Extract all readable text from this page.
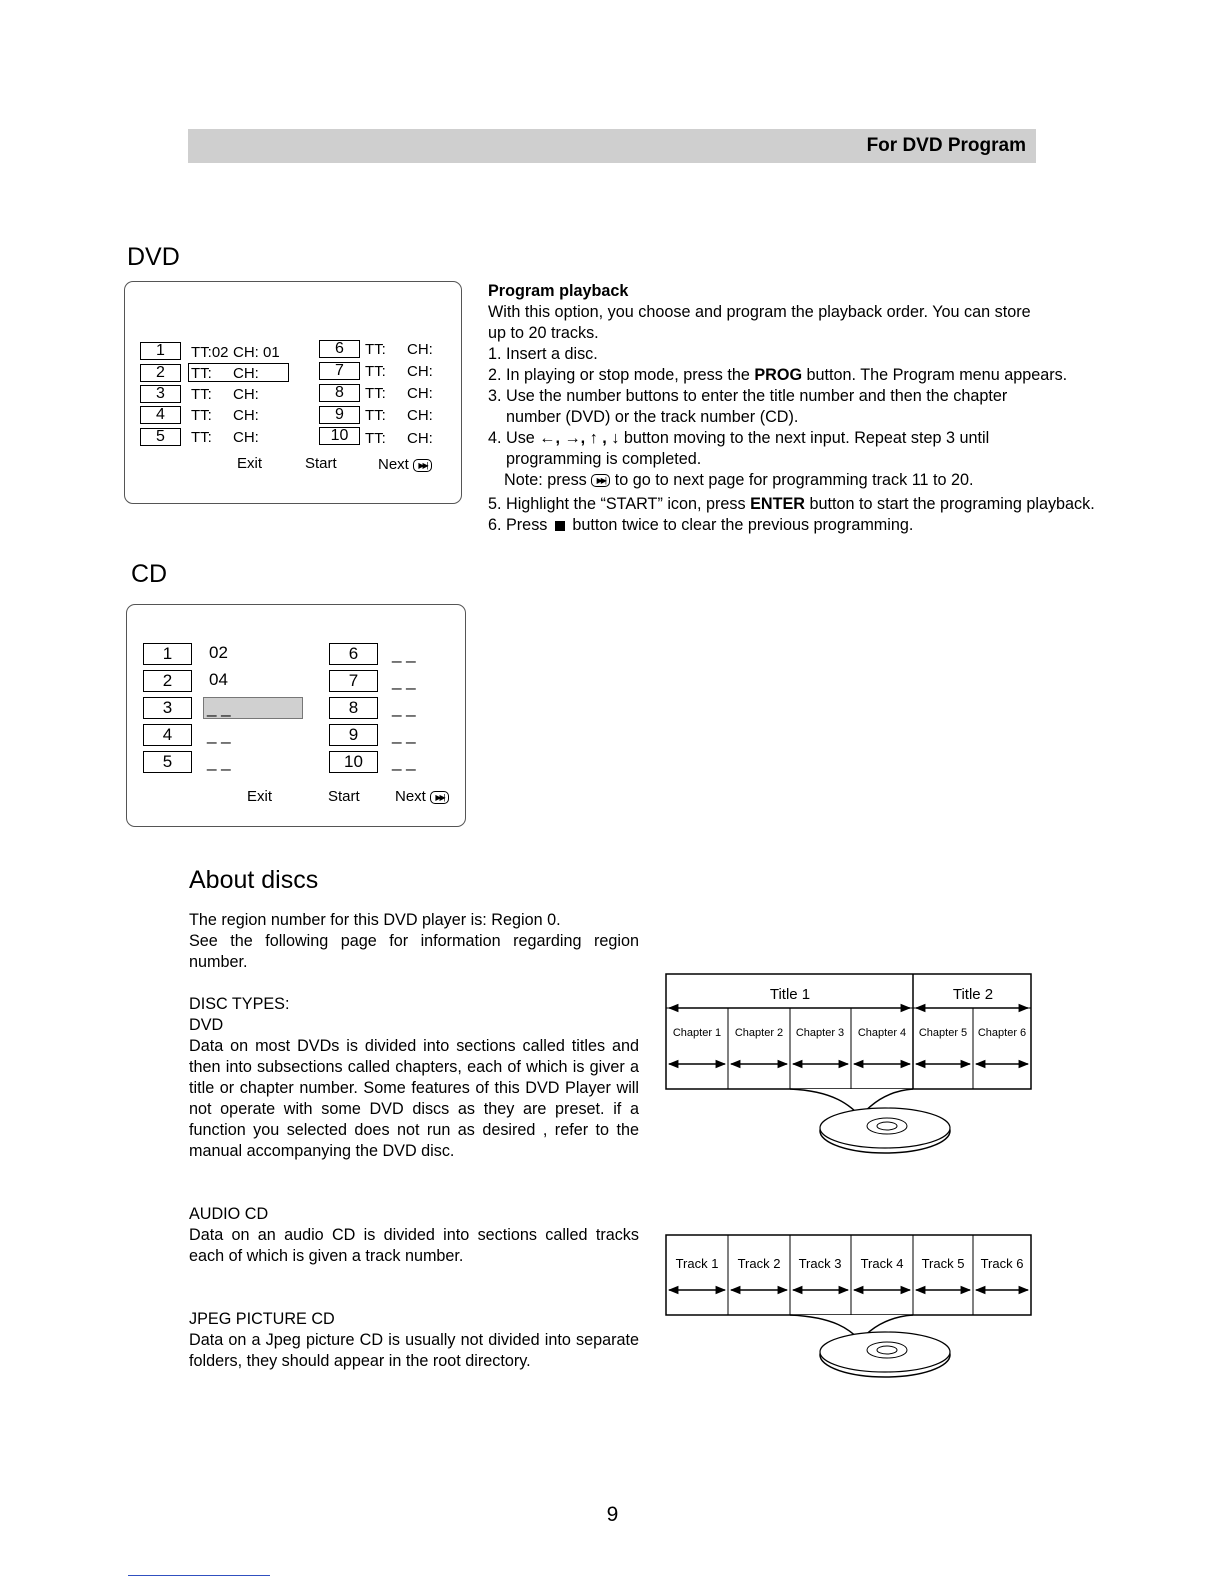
For DVD Program
DVD
1	TT:02 CH: 01
2	TT: CH:
3	TT: CH:
4	TT: CH:
5	TT: CH:
6	TT: CH:
7	TT: CH:
8	TT: CH:
9	TT: CH:
10	TT: CH:
Exit	Start	Next ▶▶|
Program playback
With this option, you choose and program the playback order. You can store
up to 20 tracks.
1. Insert a disc.
2. In playing or stop mode, press the PROG button. The Program menu appears.
3. Use the number buttons to enter the title number and then the chapter
number (DVD) or the track number (CD).
4. Use ←, →, ↑ , ↓ button moving to the next input. Repeat step 3 until
programming is completed.
Note: press ▶▶| to go to next page for programming track 11 to 20.
5. Highlight the “START” icon, press ENTER button to start the programing playback.
6. Press button twice to clear the previous programming.
CD
1	02
2	04
3	_ _
4	_ _
5	_ _
6	_ _
7	_ _
8	_ _
9	_ _
10	_ _
Exit	Start Next ▶▶|
About discs
The region number for this DVD player is: Region 0.
See the following page for information regarding region number.
DISC TYPES:
DVD
Data on most DVDs is divided into sections called titles and then into subsections called chapters, each of which is giver a title or chapter number. Some features of this DVD Player will not operate with some DVD discs as they are preset. if a function you selected does not run as desired , refer to the manual accompanying the DVD disc.
AUDIO CD
Data on an audio CD is divided into sections called tracks each of which is given a track number.
JPEG PICTURE CD
Data on a Jpeg picture CD is usually not divided into separate folders, they should appear in the root directory.
Title 1	Title 2
Chapter 1 Chapter 2 Chapter 3 Chapter 4 Chapter 5 Chapter 6
Track 1 Track 2 Track 3 Track 4 Track 5 Track 6
9
